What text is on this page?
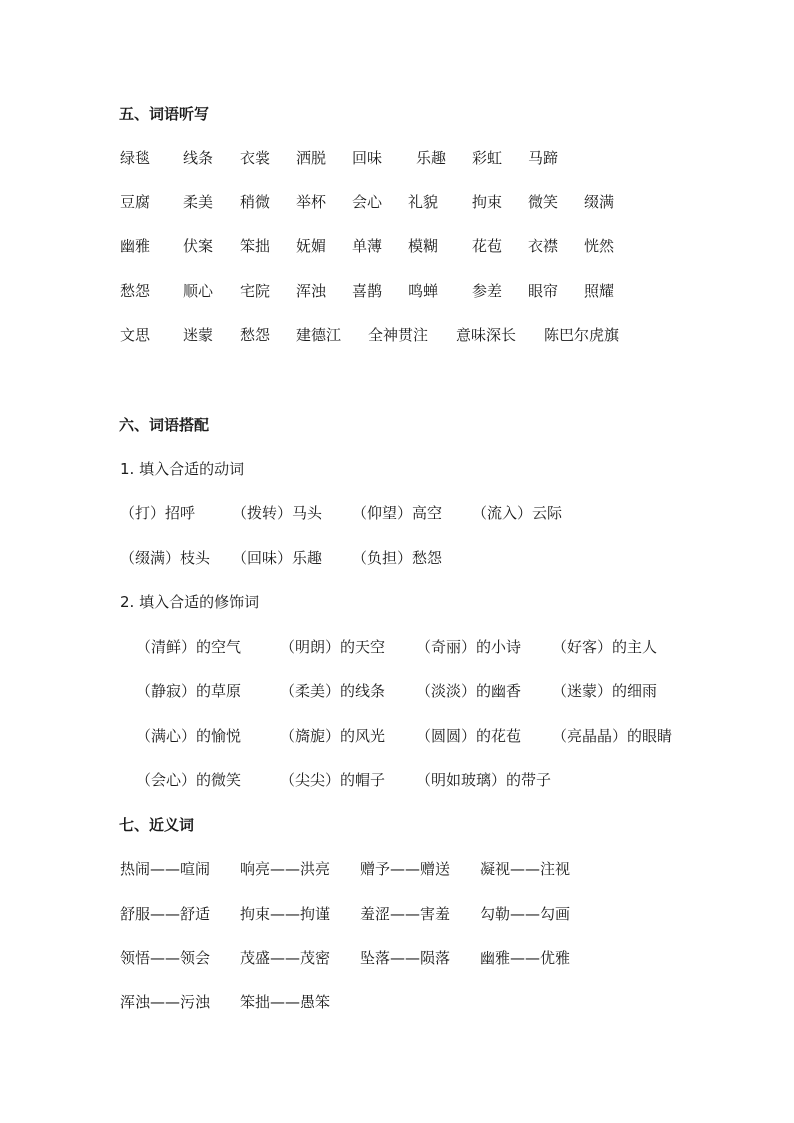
五、词语听写
绿毯 线条 衣裳 洒脱 回味 乐趣 彩虹 马蹄
豆腐 柔美 稍微 举杯 会心 礼貌 拘束 微笑 缀满
幽雅 伏案 笨拙 妩媚 单薄 模糊 花苞 衣襟 恍然
愁怨 顺心 宅院 浑浊 喜鹊 鸣蝉 参差 眼帘 照耀
文思 迷蒙 愁怨 建德江 全神贯注 意味深长 陈巴尔虎旗
六、词语搭配
1. 填入合适的动词
（打）招呼 （拨转）马头 （仰望）高空 （流入）云际
（缀满）枝头 （回味）乐趣 （负担）愁怨
2. 填入合适的修饰词
（清鲜）的空气	（明朗）的天空 （奇丽）的小诗 （好客）的主人
（静寂）的草原	（柔美）的线条 （淡淡）的幽香 （迷蒙）的细雨
（满心）的愉悦	（旖旎）的风光 （圆圆）的花苞 （亮晶晶）的眼睛
（会心）的微笑	（尖尖）的帽子 （明如玻璃）的带子
七、近义词
热闹——喧闹 响亮——洪亮 赠予——赠送 凝视——注视
舒服——舒适 拘束——拘谨 羞涩——害羞 勾勒——勾画
领悟——领会 茂盛——茂密 坠落——陨落 幽雅——优雅
浑浊——污浊 笨拙——愚笨
